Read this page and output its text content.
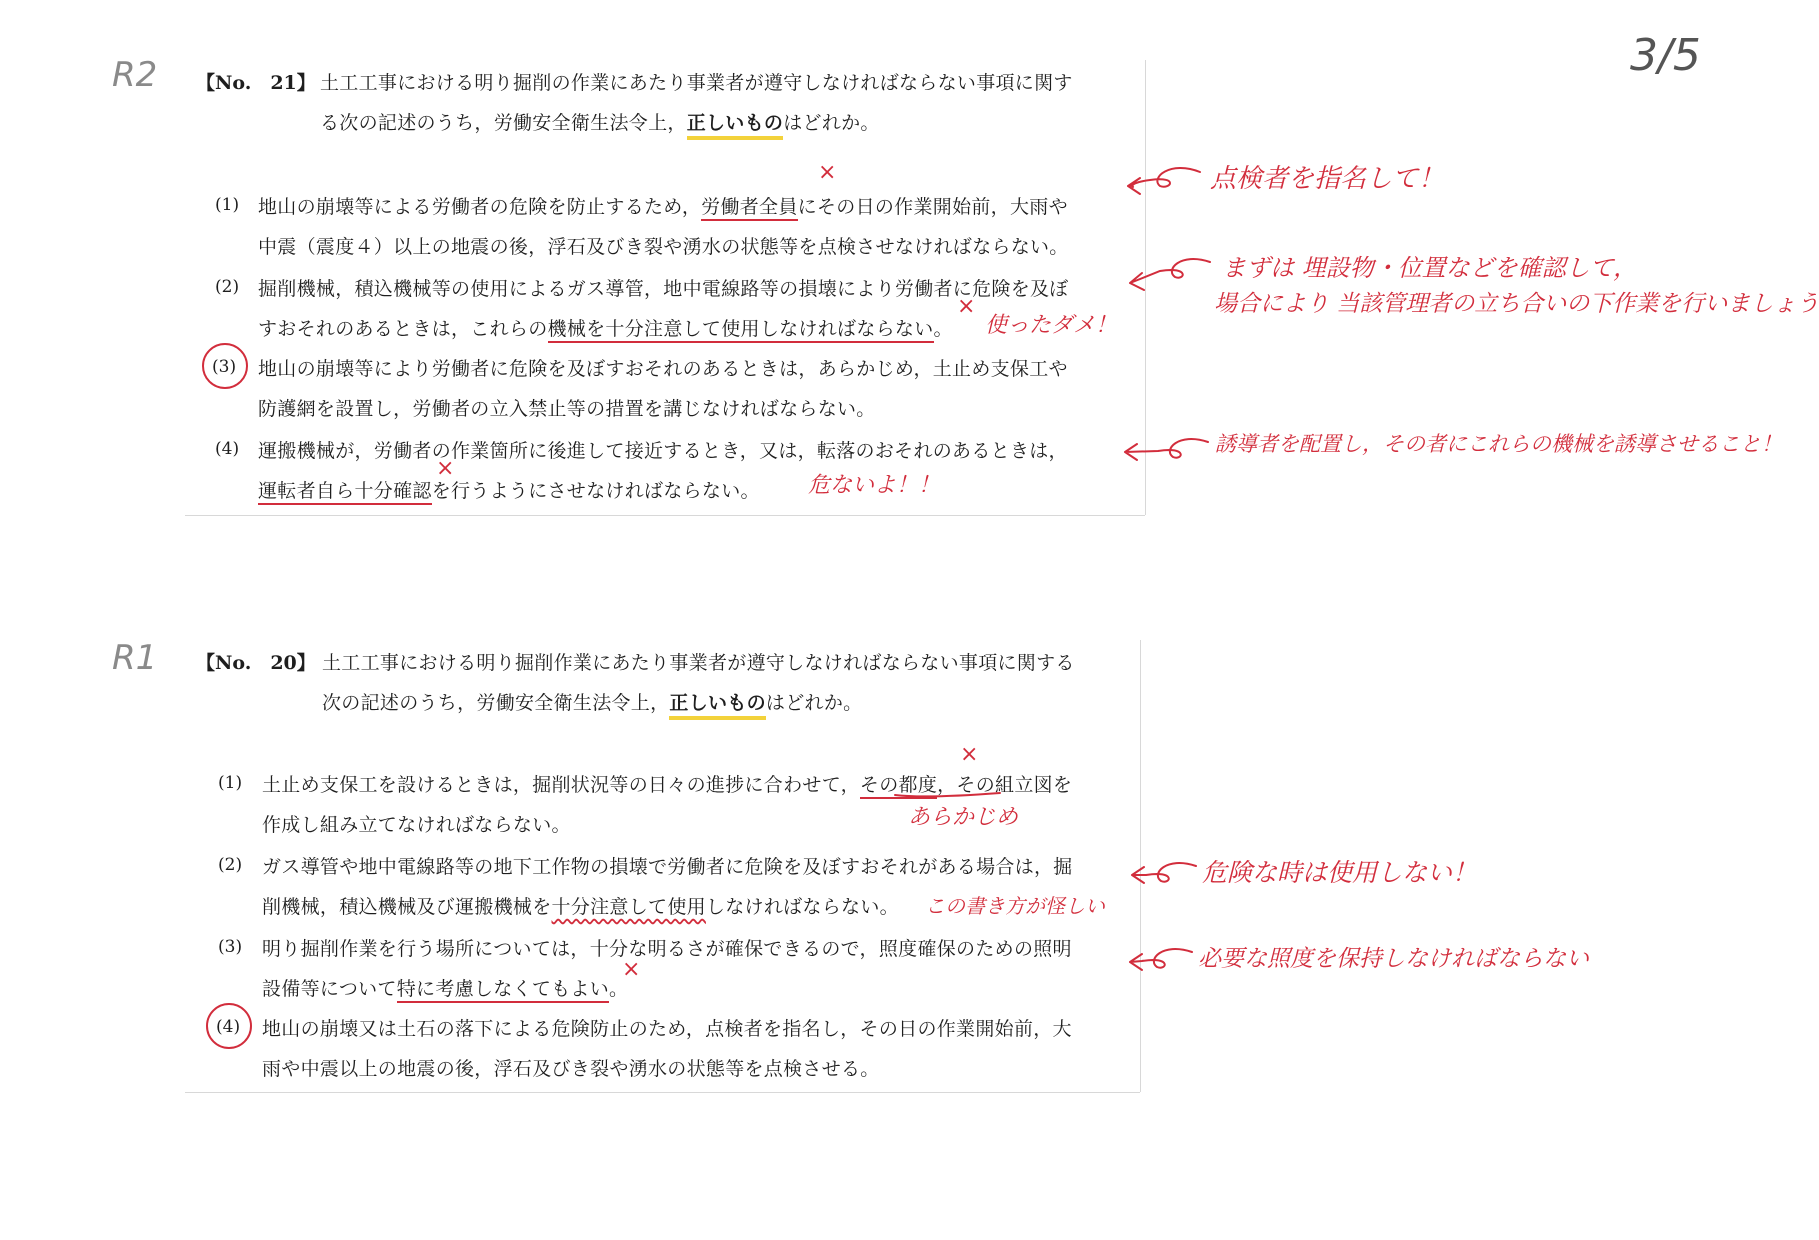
3/5
R2 【No.　21】 土工工事における明り掘削の作業にあたり事業者が遵守しなければならない事項に関す
る次の記述のうち，労働安全衛生法令上，正しいものはどれか。
(1) 地山の崩壊等による労働者の危険を防止するため，労働者全員にその日の作業開始前，大雨や
中震（震度４）以上の地震の後，浮石及びき裂や湧水の状態等を点検させなければならない。
×	点検者を指名して！
(2) 掘削機械，積込機械等の使用によるガス導管，地中電線路等の損壊により労働者に危険を及ぼ
すおそれのあるときは，これらの機械を十分注意して使用しなければならない。
×
使ったダメ！
まずは 埋設物・位置などを確認して，
場合により 当該管理者の立ち合いの下作業を行いましょう
(3) 地山の崩壊等により労働者に危険を及ぼすおそれのあるときは，あらかじめ，土止め支保工や
防護網を設置し，労働者の立入禁止等の措置を講じなければならない。
(4) 運搬機械が，労働者の作業箇所に後進して接近するとき，又は，転落のおそれのあるときは，
運転者自ら十分確認を行うようにさせなければならない。
×
危ないよ！！
誘導者を配置し，その者にこれらの機械を誘導させること！
R1 【No.　20】 土工工事における明り掘削作業にあたり事業者が遵守しなければならない事項に関する
次の記述のうち，労働安全衛生法令上，正しいものはどれか。
(1) 土止め支保工を設けるときは，掘削状況等の日々の進捗に合わせて，その都度，その組立図を
作成し組み立てなければならない。
×
あらかじめ
(2) ガス導管や地中電線路等の地下工作物の損壊で労働者に危険を及ぼすおそれがある場合は，掘
削機械，積込機械及び運搬機械を十分注意して使用しなければならない。 この書き方が怪しい
危険な時は使用しない！
(3) 明り掘削作業を行う場所については，十分な明るさが確保できるので，照度確保のための照明
設備等について特に考慮しなくてもよい。
×	必要な照度を保持しなければならない
(4) 地山の崩壊又は土石の落下による危険防止のため，点検者を指名し，その日の作業開始前，大
雨や中震以上の地震の後，浮石及びき裂や湧水の状態等を点検させる。
